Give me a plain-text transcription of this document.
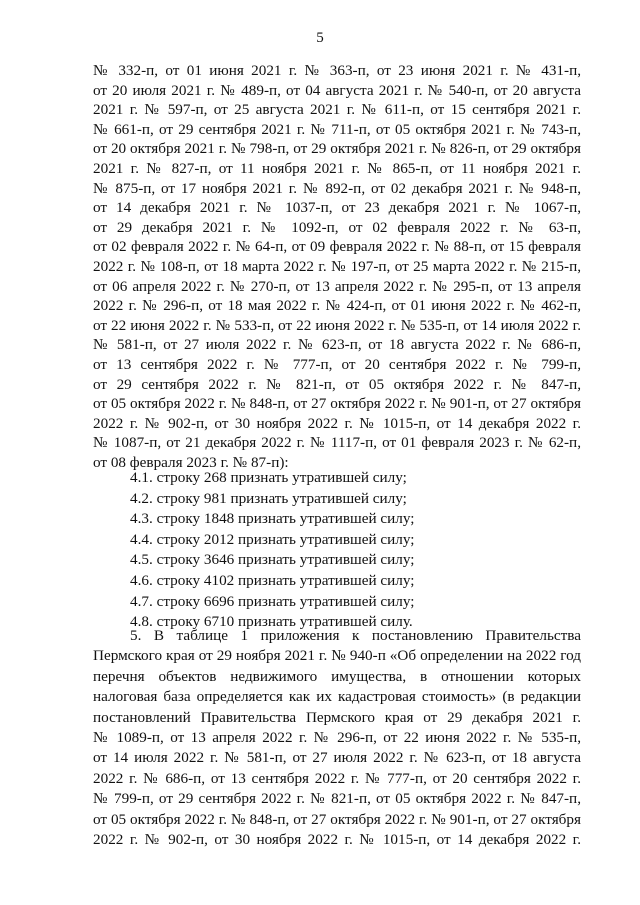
5
№ 332-п, от 01 июня 2021 г. № 363-п, от 23 июня 2021 г. № 431-п,
от 20 июля 2021 г. № 489-п, от 04 августа 2021 г. № 540-п, от 20 августа
2021 г. № 597-п, от 25 августа 2021 г. № 611-п, от 15 сентября 2021 г.
№ 661-п, от 29 сентября 2021 г. № 711-п, от 05 октября 2021 г. № 743-п,
от 20 октября 2021 г. № 798-п, от 29 октября 2021 г. № 826-п, от 29 октября
2021 г. № 827-п, от 11 ноября 2021 г. № 865-п, от 11 ноября 2021 г.
№ 875-п, от 17 ноября 2021 г. № 892-п, от 02 декабря 2021 г. № 948-п,
от 14 декабря 2021 г. № 1037-п, от 23 декабря 2021 г. № 1067-п,
от 29 декабря 2021 г. № 1092-п, от 02 февраля 2022 г. № 63-п,
от 02 февраля 2022 г. № 64-п, от 09 февраля 2022 г. № 88-п, от 15 февраля
2022 г. № 108-п, от 18 марта 2022 г. № 197-п, от 25 марта 2022 г. № 215-п,
от 06 апреля 2022 г. № 270-п, от 13 апреля 2022 г. № 295-п, от 13 апреля
2022 г. № 296-п, от 18 мая 2022 г. № 424-п, от 01 июня 2022 г. № 462-п,
от 22 июня 2022 г. № 533-п, от 22 июня 2022 г. № 535-п, от 14 июля 2022 г.
№ 581-п, от 27 июля 2022 г. № 623-п, от 18 августа 2022 г. № 686-п,
от 13 сентября 2022 г. № 777-п, от 20 сентября 2022 г. № 799-п,
от 29 сентября 2022 г. № 821-п, от 05 октября 2022 г. № 847-п,
от 05 октября 2022 г. № 848-п, от 27 октября 2022 г. № 901-п, от 27 октября
2022 г. № 902-п, от 30 ноября 2022 г. № 1015-п, от 14 декабря 2022 г.
№ 1087-п, от 21 декабря 2022 г. № 1117-п, от 01 февраля 2023 г. № 62-п,
от 08 февраля 2023 г. № 87-п):
4.1. строку 268 признать утратившей силу;
4.2. строку 981 признать утратившей силу;
4.3. строку 1848 признать утратившей силу;
4.4. строку 2012 признать утратившей силу;
4.5. строку 3646 признать утратившей силу;
4.6. строку 4102 признать утратившей силу;
4.7. строку 6696 признать утратившей силу;
4.8. строку 6710 признать утратившей силу.
5. В таблице 1 приложения к постановлению Правительства
Пермского края от 29 ноября 2021 г. № 940-п «Об определении на 2022 год
перечня объектов недвижимого имущества, в отношении которых
налоговая база определяется как их кадастровая стоимость» (в редакции
постановлений Правительства Пермского края от 29 декабря 2021 г.
№ 1089-п, от 13 апреля 2022 г. № 296-п, от 22 июня 2022 г. № 535-п,
от 14 июля 2022 г. № 581-п, от 27 июля 2022 г. № 623-п, от 18 августа
2022 г. № 686-п, от 13 сентября 2022 г. № 777-п, от 20 сентября 2022 г.
№ 799-п, от 29 сентября 2022 г. № 821-п, от 05 октября 2022 г. № 847-п,
от 05 октября 2022 г. № 848-п, от 27 октября 2022 г. № 901-п, от 27 октября
2022 г. № 902-п, от 30 ноября 2022 г. № 1015-п, от 14 декабря 2022 г.
